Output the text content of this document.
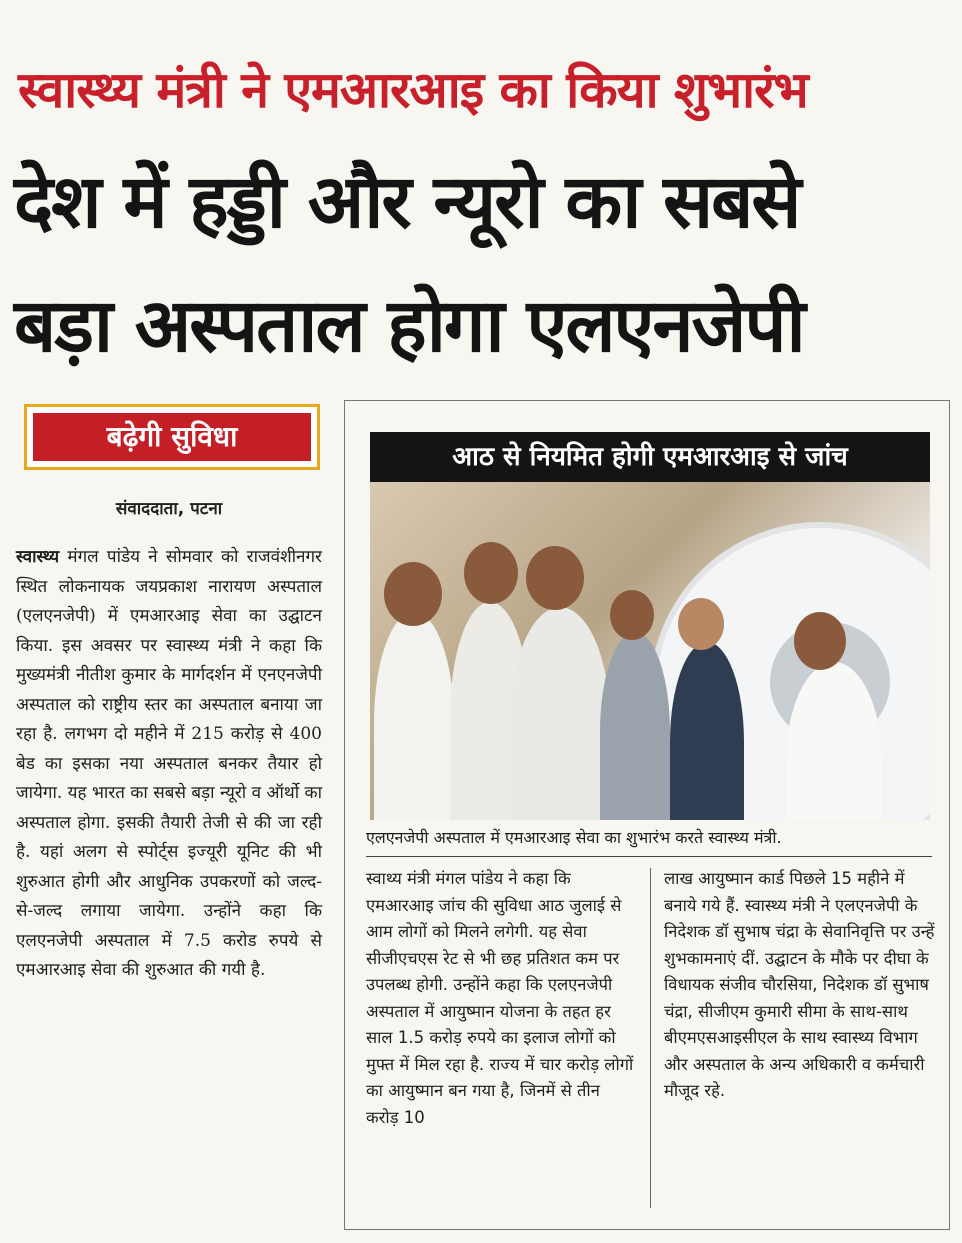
स्वास्थ्य मंत्री ने एमआरआइ का किया शुभारंभ
देश में हड्डी और न्यूरो का सबसे
बड़ा अस्पताल होगा एलएनजेपी
बढ़ेगी सुविधा
संवाददाता, पटना

स्वास्थ्य मंगल पांडेय ने सोमवार को राजवंशीनगर स्थित लोकनायक जयप्रकाश नारायण अस्पताल (एलएनजेपी) में एमआरआइ सेवा का उद्घाटन किया. इस अवसर पर स्वास्थ्य मंत्री ने कहा कि मुख्यमंत्री नीतीश कुमार के मार्गदर्शन में एनएनजेपी अस्पताल को राष्ट्रीय स्तर का अस्पताल बनाया जा रहा है. लगभग दो महीने में 215 करोड़ से 400 बेड का इसका नया अस्पताल बनकर तैयार हो जायेगा. यह भारत का सबसे बड़ा न्यूरो व ऑर्थो का अस्पताल होगा. इसकी तैयारी तेजी से की जा रही है. यहां अलग से स्पोर्ट्स इज्यूरी यूनिट की भी शुरुआत होगी और आधुनिक उपकरणों को जल्द-से-जल्द लगाया जायेगा. उन्होंने कहा कि एलएनजेपी अस्पताल में 7.5 करोड रुपये से एमआरआइ सेवा की शुरुआत की गयी है.

आठ से नियमित होगी एमआरआइ से जांच
एलएनजेपी अस्पताल में एमआरआइ सेवा का शुभारंभ करते स्वास्थ्य मंत्री.

स्वाथ्य मंत्री मंगल पांडेय ने कहा कि एमआरआइ जांच की सुविधा आठ जुलाई से आम लोगों को मिलने लगेगी. यह सेवा सीजीएचएस रेट से भी छह प्रतिशत कम पर उपलब्ध होगी. उन्होंने कहा कि एलएनजेपी अस्पताल में आयुष्मान योजना के तहत हर साल 1.5 करोड़ रुपये का इलाज लोगों को मुफ्त में मिल रहा है. राज्य में चार करोड़ लोगों का आयुष्मान बन गया है, जिनमें से तीन करोड़ 10

लाख आयुष्मान कार्ड पिछले 15 महीने में बनाये गये हैं. स्वास्थ्य मंत्री ने एलएनजेपी के निदेशक डॉ सुभाष चंद्रा के सेवानिवृत्ति पर उन्हें शुभकामनाएं दीं. उद्घाटन के मौके पर दीघा के विधायक संजीव चौरसिया, निदेशक डॉ सुभाष चंद्रा, सीजीएम कुमारी सीमा के साथ-साथ बीएमएसआइसीएल के साथ स्वास्थ्य विभाग और अस्पताल के अन्य अधिकारी व कर्मचारी मौजूद रहे.
